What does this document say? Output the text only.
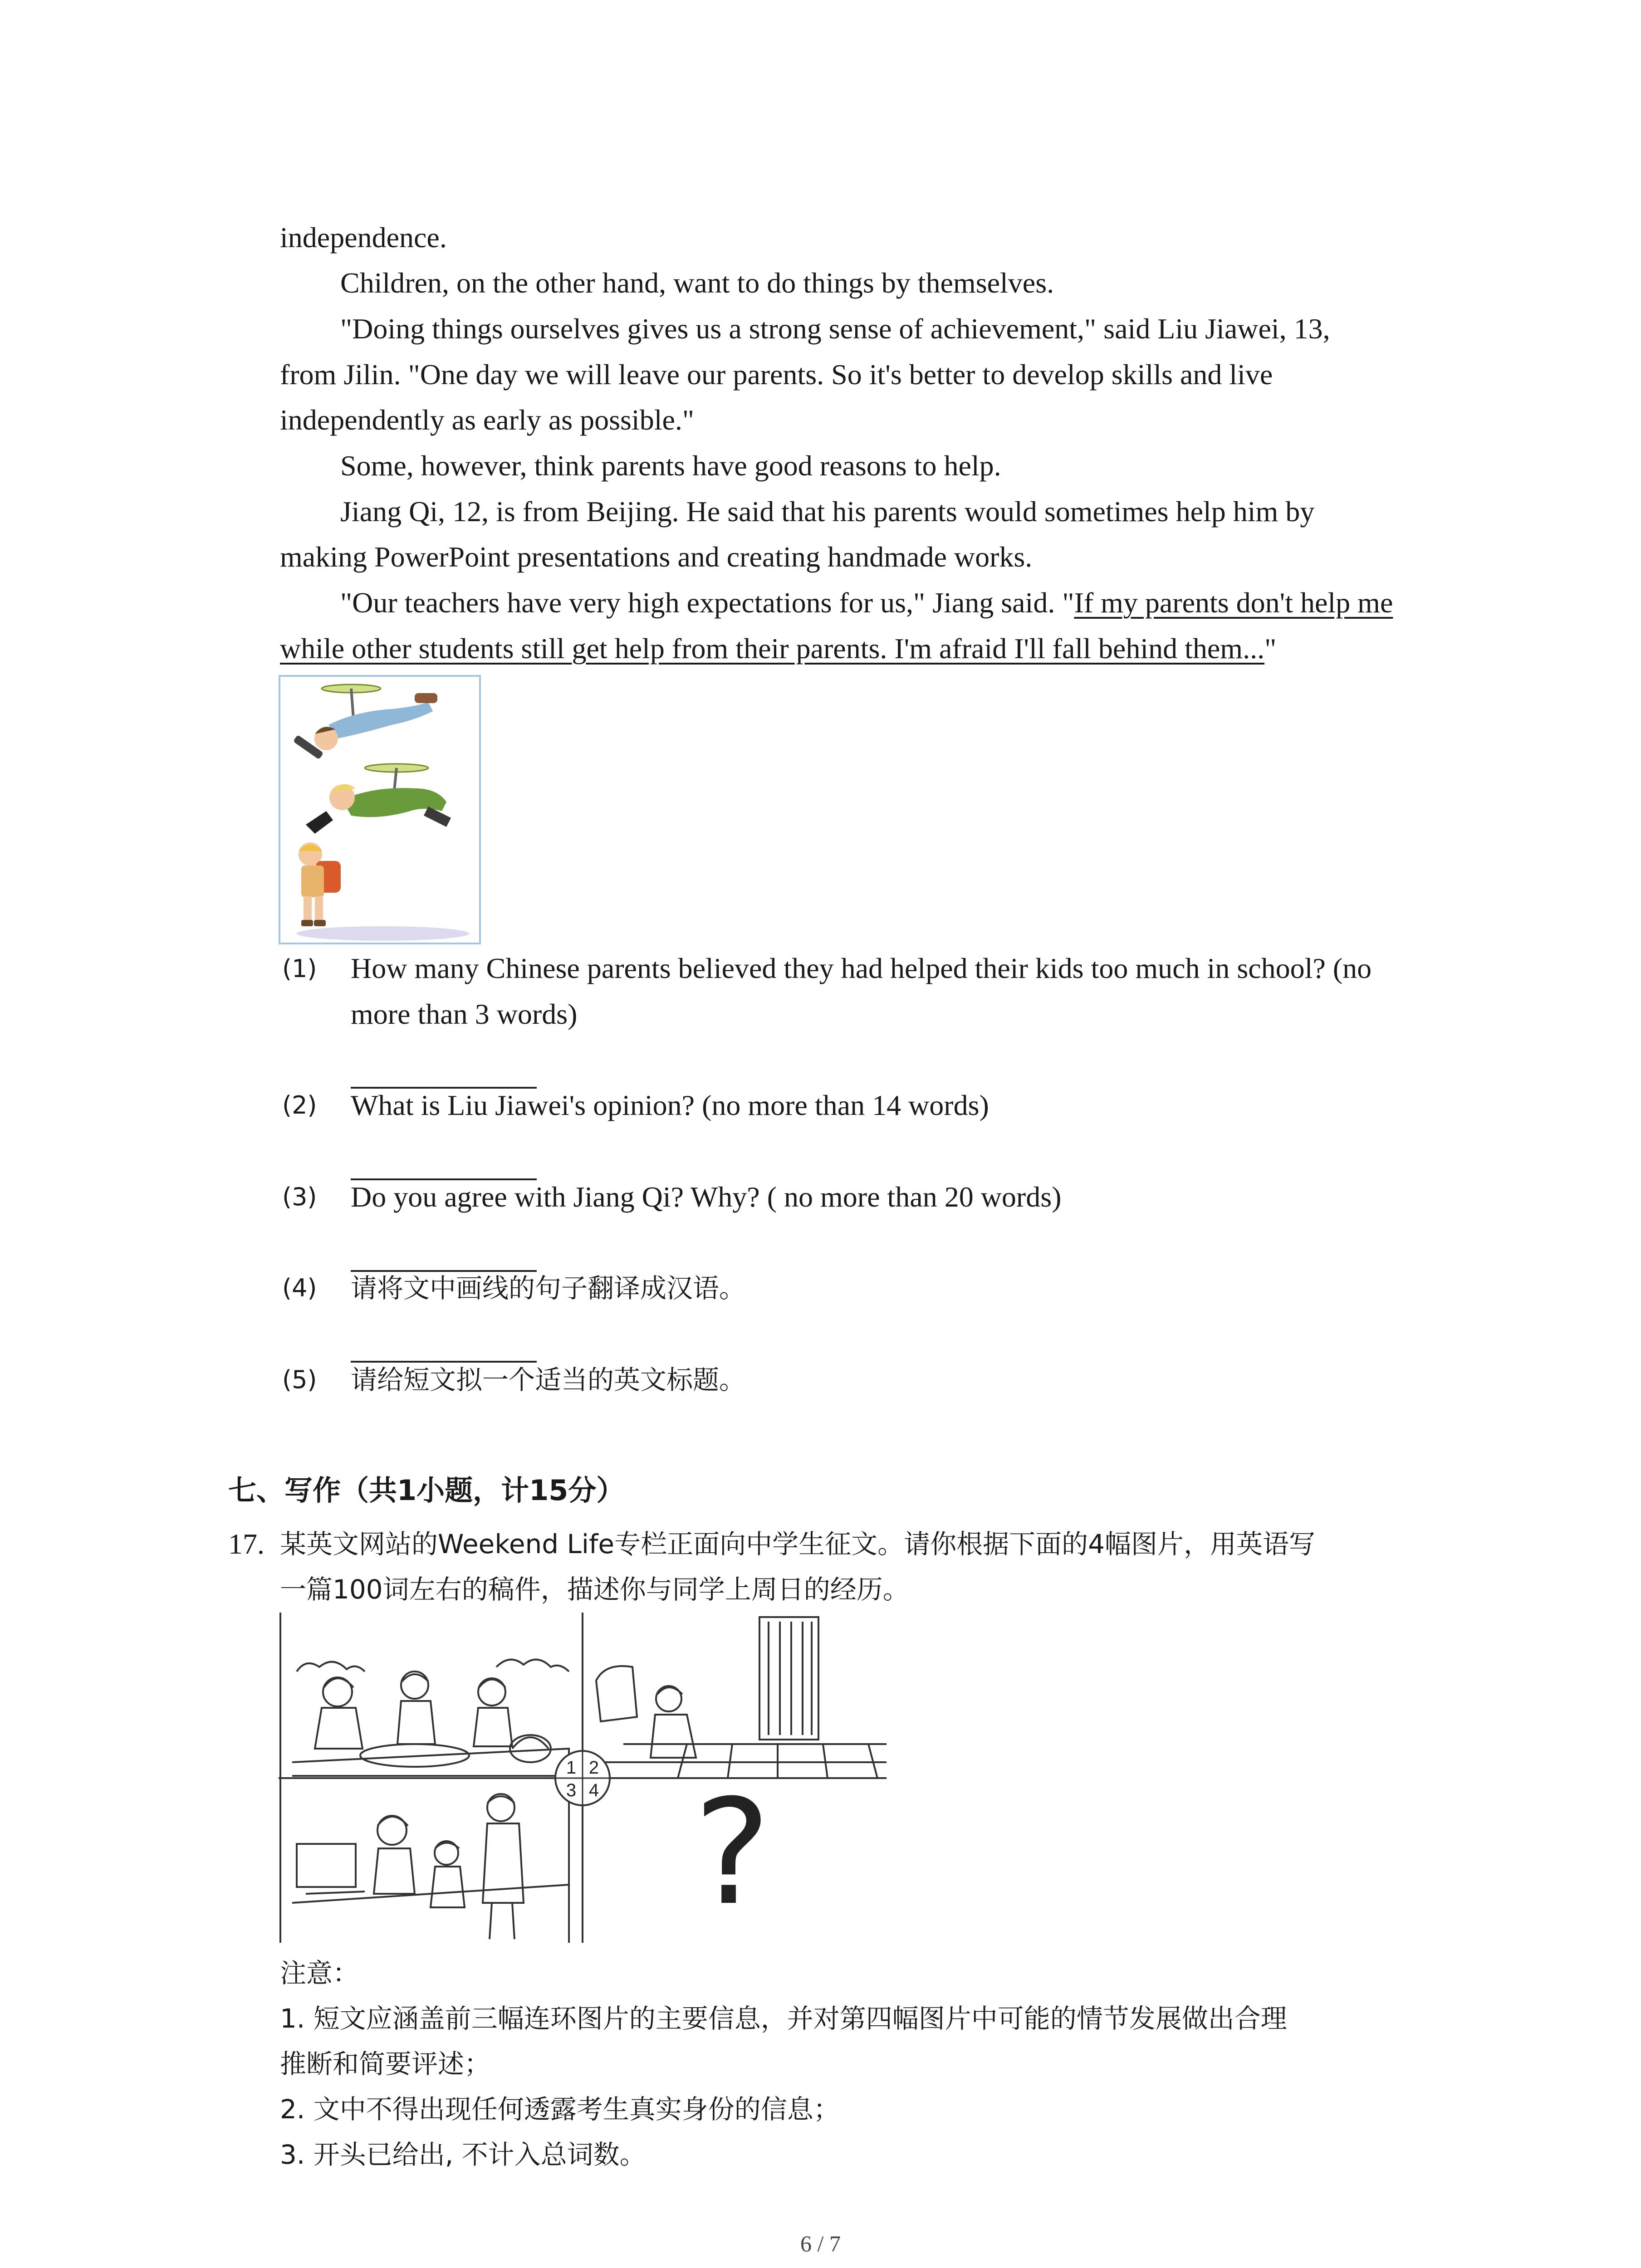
independence.
Children, on the other hand, want to do things by themselves.
"Doing things ourselves gives us a strong sense of achievement," said Liu Jiawei, 13,
from Jilin. "One day we will leave our parents. So it's better to develop skills and live
independently as early as possible."
Some, however, think parents have good reasons to help.
Jiang Qi, 12, is from Beijing. He said that his parents would sometimes help him by
making PowerPoint presentations and creating handmade works.
"Our teachers have very high expectations for us," Jiang said. "If my parents don't help me
while other students still get help from their parents. I'm afraid I'll fall behind them..."
(1) How many Chinese parents believed they had helped their kids too much in school? (no
more than 3 words)
(2) What is Liu Jiawei's opinion? (no more than 14 words)
(3) Do you agree with Jiang Qi? Why? ( no more than 20 words)
(4) 请将文中画线的句子翻译成汉语。
(5) 请给短文拟一个适当的英文标题。
七、写作（共1小题，计15分）
17. 某英文网站的Weekend Life专栏正面向中学生征文。请你根据下面的4幅图片，用英语写
一篇100词左右的稿件，描述你与同学上周日的经历。
?
1 2
3 4
注意：
1. 短文应涵盖前三幅连环图片的主要信息，并对第四幅图片中可能的情节发展做出合理
推断和简要评述；
2. 文中不得出现任何透露考生真实身份的信息；
3. 开头已给出, 不计入总词数。
6 / 7
